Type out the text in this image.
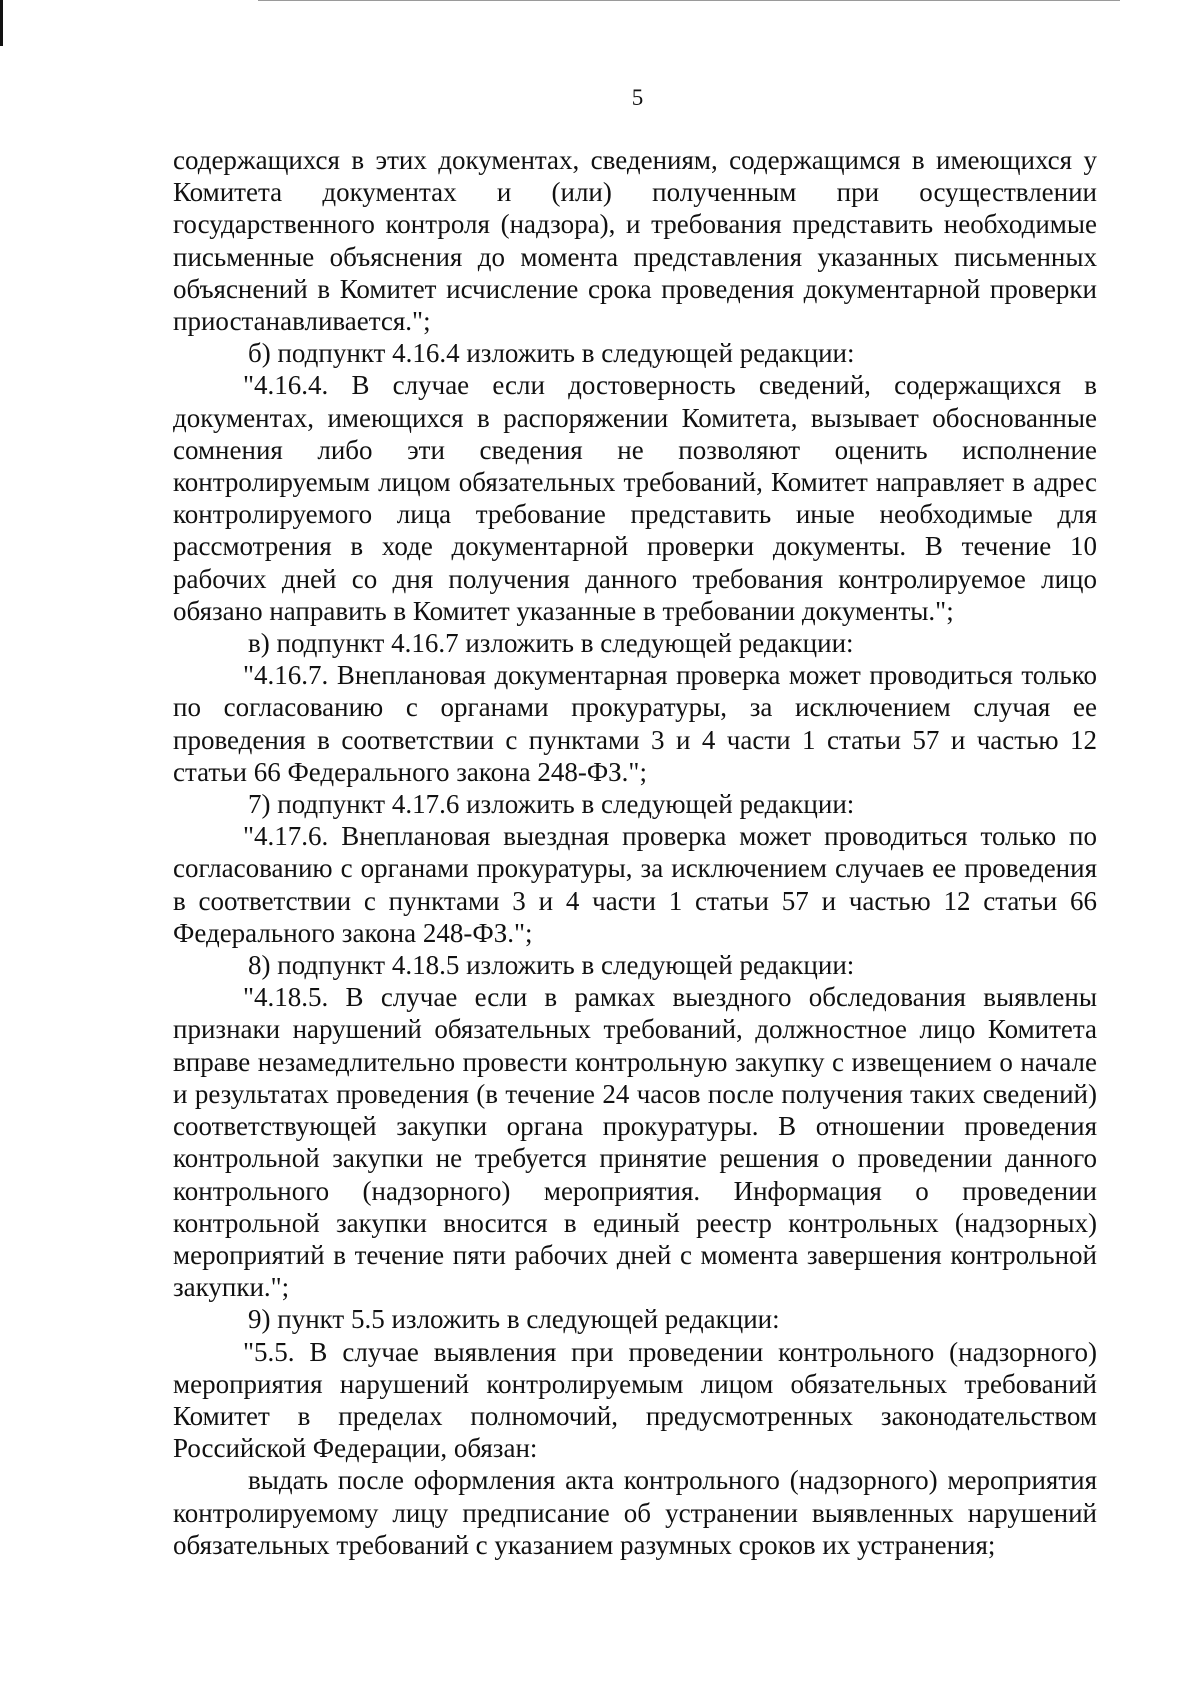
5

содержащихся в этих документах, сведениям, содержащимся в имеющихся у Комитета документах и (или) полученным при осуществлении государственного контроля (надзора), и требования представить необходимые письменные объяснения до момента представления указанных письменных объяснений в Комитет исчисление срока проведения документарной проверки приостанавливается.";

б) подпункт 4.16.4 изложить в следующей редакции:

"4.16.4. В случае если достоверность сведений, содержащихся в документах, имеющихся в распоряжении Комитета, вызывает обоснованные сомнения либо эти сведения не позволяют оценить исполнение контролируемым лицом обязательных требований, Комитет направляет в адрес контролируемого лица требование представить иные необходимые для рассмотрения в ходе документарной проверки документы. В течение 10 рабочих дней со дня получения данного требования контролируемое лицо обязано направить в Комитет указанные в требовании документы.";

в) подпункт 4.16.7 изложить в следующей редакции:

"4.16.7. Внеплановая документарная проверка может проводиться только по согласованию с органами прокуратуры, за исключением случая ее проведения в соответствии с пунктами 3 и 4 части 1 статьи 57 и частью 12 статьи 66 Федерального закона 248-ФЗ.";

7) подпункт 4.17.6 изложить в следующей редакции:

"4.17.6. Внеплановая выездная проверка может проводиться только по согласованию с органами прокуратуры, за исключением случаев ее проведения в соответствии с пунктами 3 и 4 части 1 статьи 57 и частью 12 статьи 66 Федерального закона 248-ФЗ.";

8) подпункт 4.18.5 изложить в следующей редакции:

"4.18.5. В случае если в рамках выездного обследования выявлены признаки нарушений обязательных требований, должностное лицо Комитета вправе незамедлительно провести контрольную закупку с извещением о начале и результатах проведения (в течение 24 часов после получения таких сведений) соответствующей закупки органа прокуратуры. В отношении проведения контрольной закупки не требуется принятие решения о проведении данного контрольного (надзорного) мероприятия. Информация о проведении контрольной закупки вносится в единый реестр контрольных (надзорных) мероприятий в течение пяти рабочих дней с момента завершения контрольной закупки.";

9) пункт 5.5 изложить в следующей редакции:

"5.5. В случае выявления при проведении контрольного (надзорного) мероприятия нарушений контролируемым лицом обязательных требований Комитет в пределах полномочий, предусмотренных законодательством Российской Федерации, обязан:

выдать после оформления акта контрольного (надзорного) мероприятия контролируемому лицу предписание об устранении выявленных нарушений обязательных требований с указанием разумных сроков их устранения;
